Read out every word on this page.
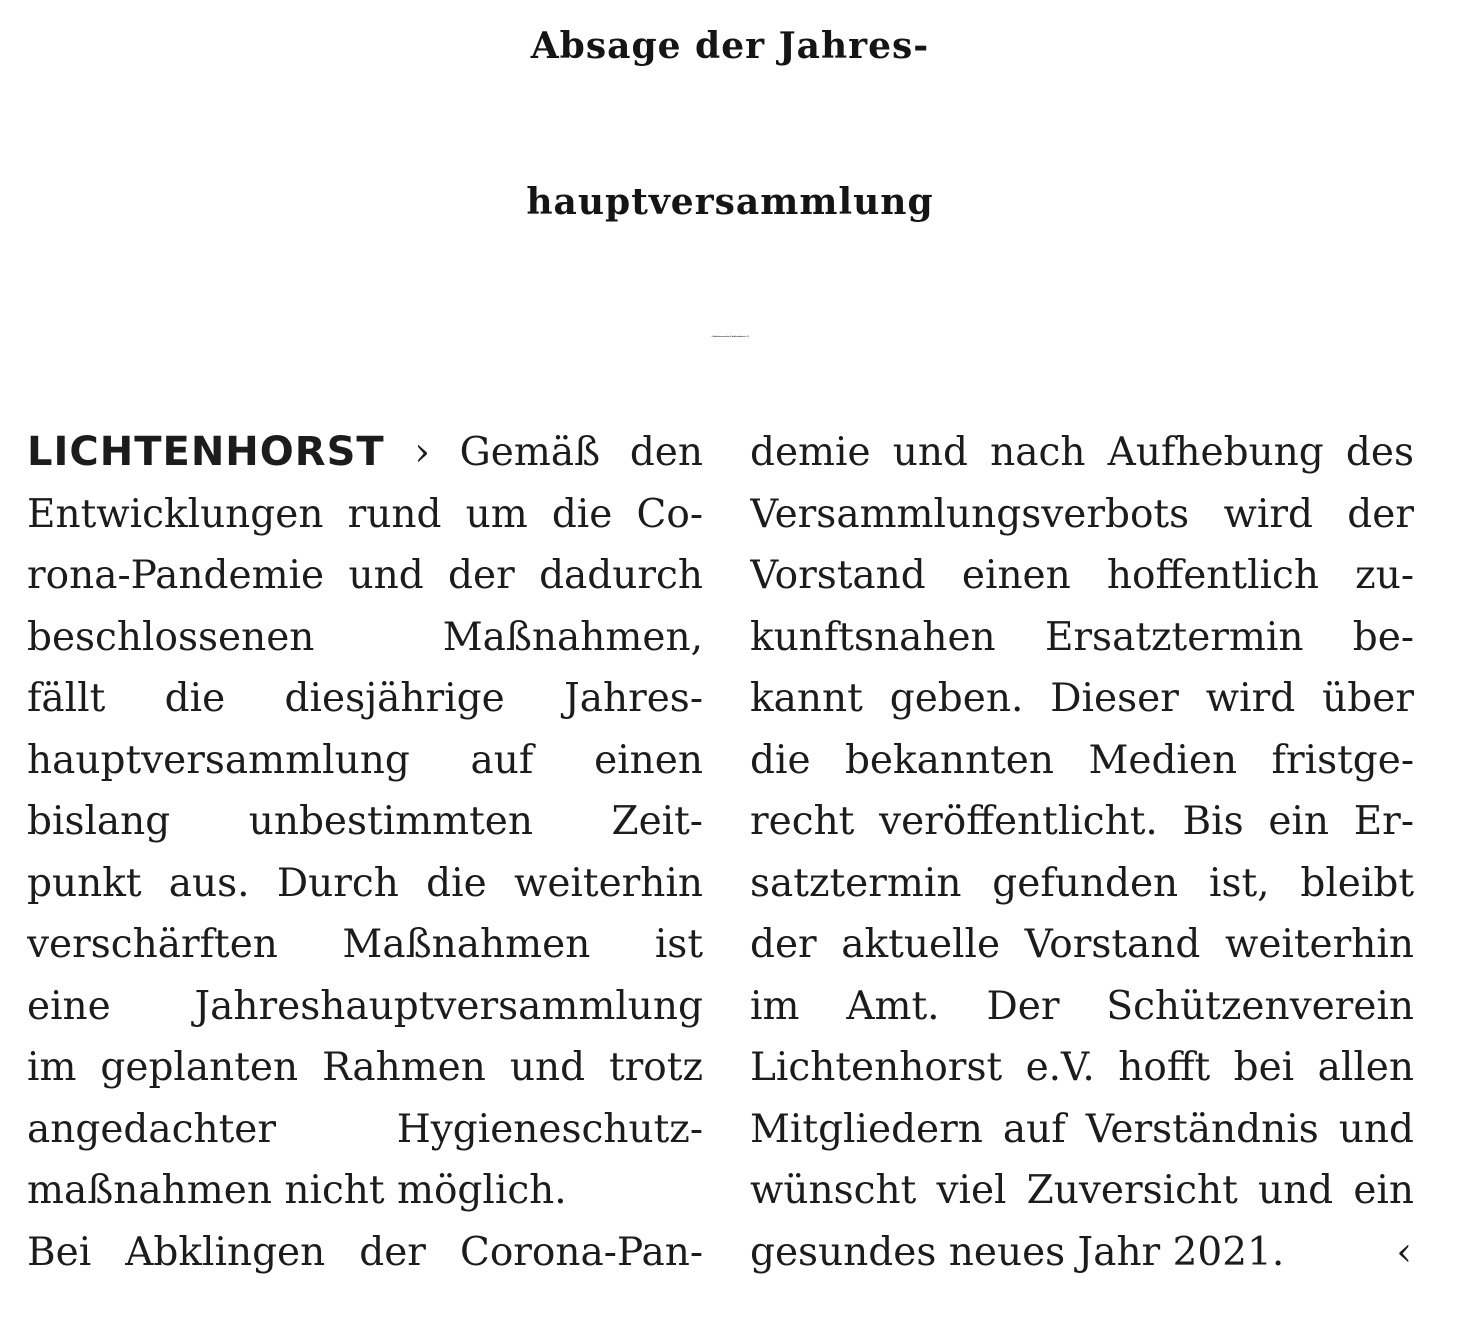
Absage der Jahres-
hauptversammlung
› Schützenverein Lichtenhorst e.V.
LICHTENHORST › Gemäß den
Entwicklungen rund um die Co-
rona-Pandemie und der dadurch
beschlossenen Maßnahmen,
fällt die diesjährige Jahres-
hauptversammlung auf einen
bislang unbestimmten Zeit-
punkt aus. Durch die weiterhin
verschärften Maßnahmen ist
eine Jahreshauptversammlung
im geplanten Rahmen und trotz
angedachter Hygieneschutz-
maßnahmen nicht möglich.
Bei Abklingen der Corona-Pan-
demie und nach Aufhebung des
Versammlungsverbots wird der
Vorstand einen hoffentlich zu-
kunftsnahen Ersatztermin be-
kannt geben. Dieser wird über
die bekannten Medien fristge-
recht veröffentlicht. Bis ein Er-
satztermin gefunden ist, bleibt
der aktuelle Vorstand weiterhin
im Amt. Der Schützenverein
Lichtenhorst e.V. hofft bei allen
Mitgliedern auf Verständnis und
wünscht viel Zuversicht und ein
gesundes neues Jahr 2021.	‹
